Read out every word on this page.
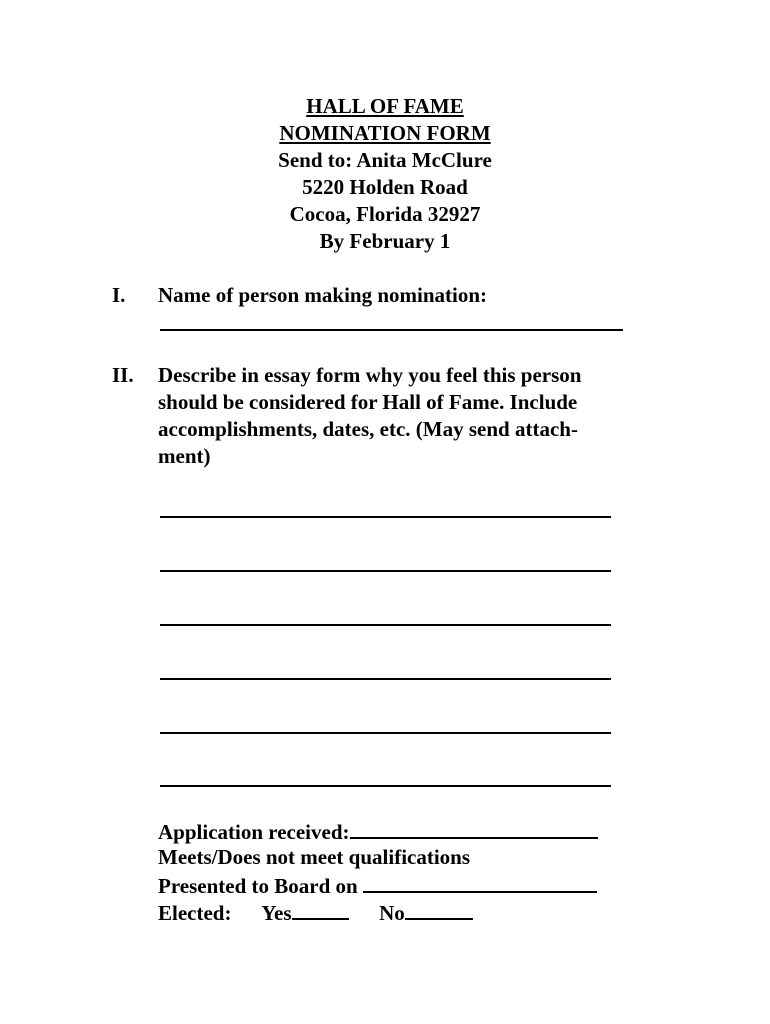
HALL OF FAME
NOMINATION FORM
Send to: Anita McClure
5220 Holden Road
Cocoa, Florida 32927
By February 1
I. Name of person making nomination:
II. Describe in essay form why you feel this person
should be considered for Hall of Fame. Include
accomplishments, dates, etc. (May send attach-
ment)
Application received:
Meets/Does not meet qualifications
Presented to Board on
Elected: Yes	No
